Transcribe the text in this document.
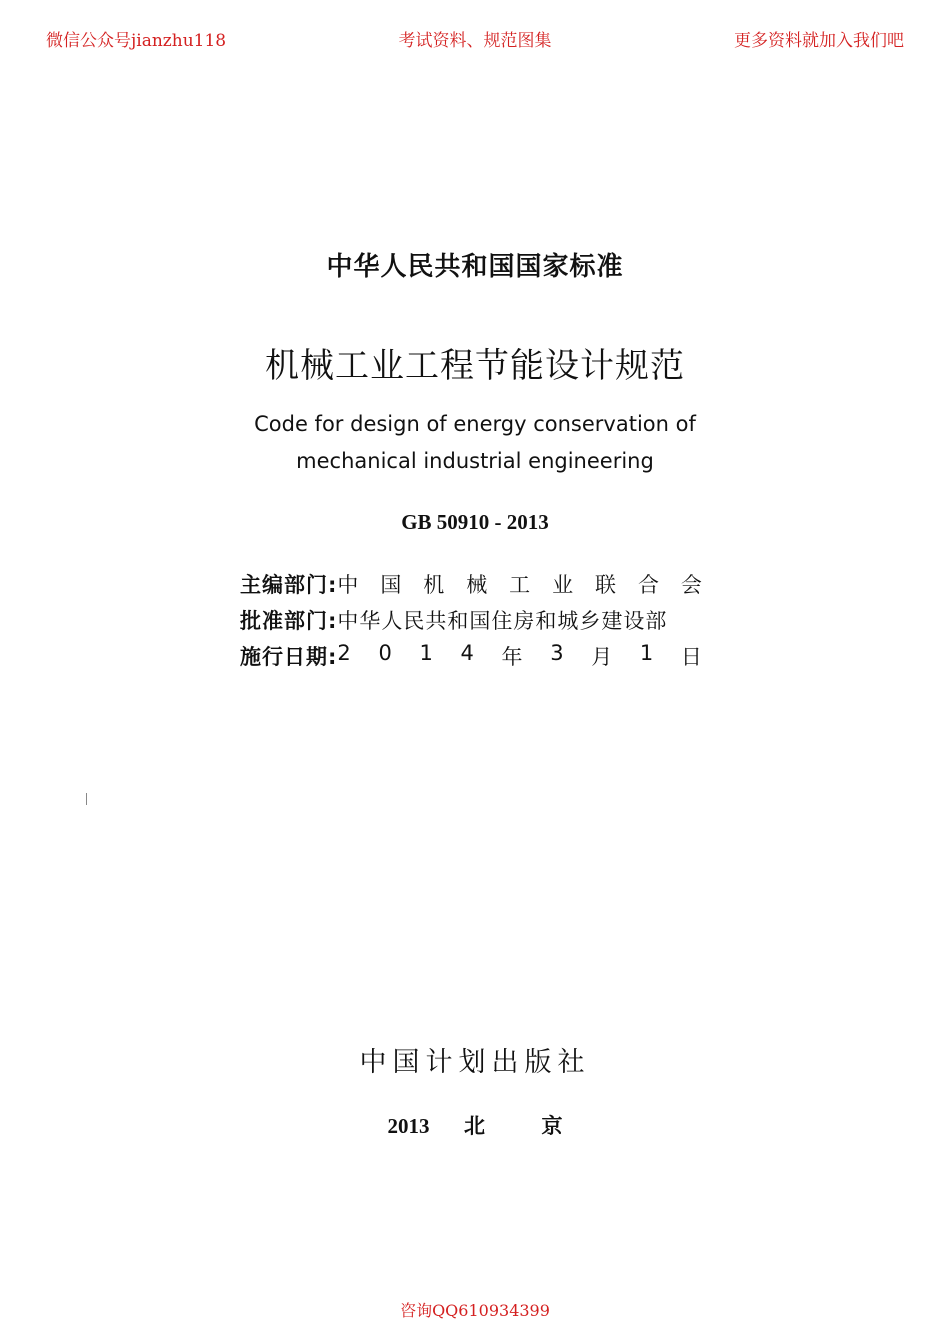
微信公众号jianzhu118	考试资料、规范图集	更多资料就加入我们吧
中华人民共和国国家标准
机械工业工程节能设计规范
Code for design of energy conservation of
mechanical industrial engineering
GB 50910 - 2013
主编部门: 中 国 机 械 工 业 联 合 会
批准部门: 中华人民共和国住房和城乡建设部
施行日期: 2 0 1 4 年 3 月 1 日
中国计划出版社
2013 北	京
咨询QQ610934399
